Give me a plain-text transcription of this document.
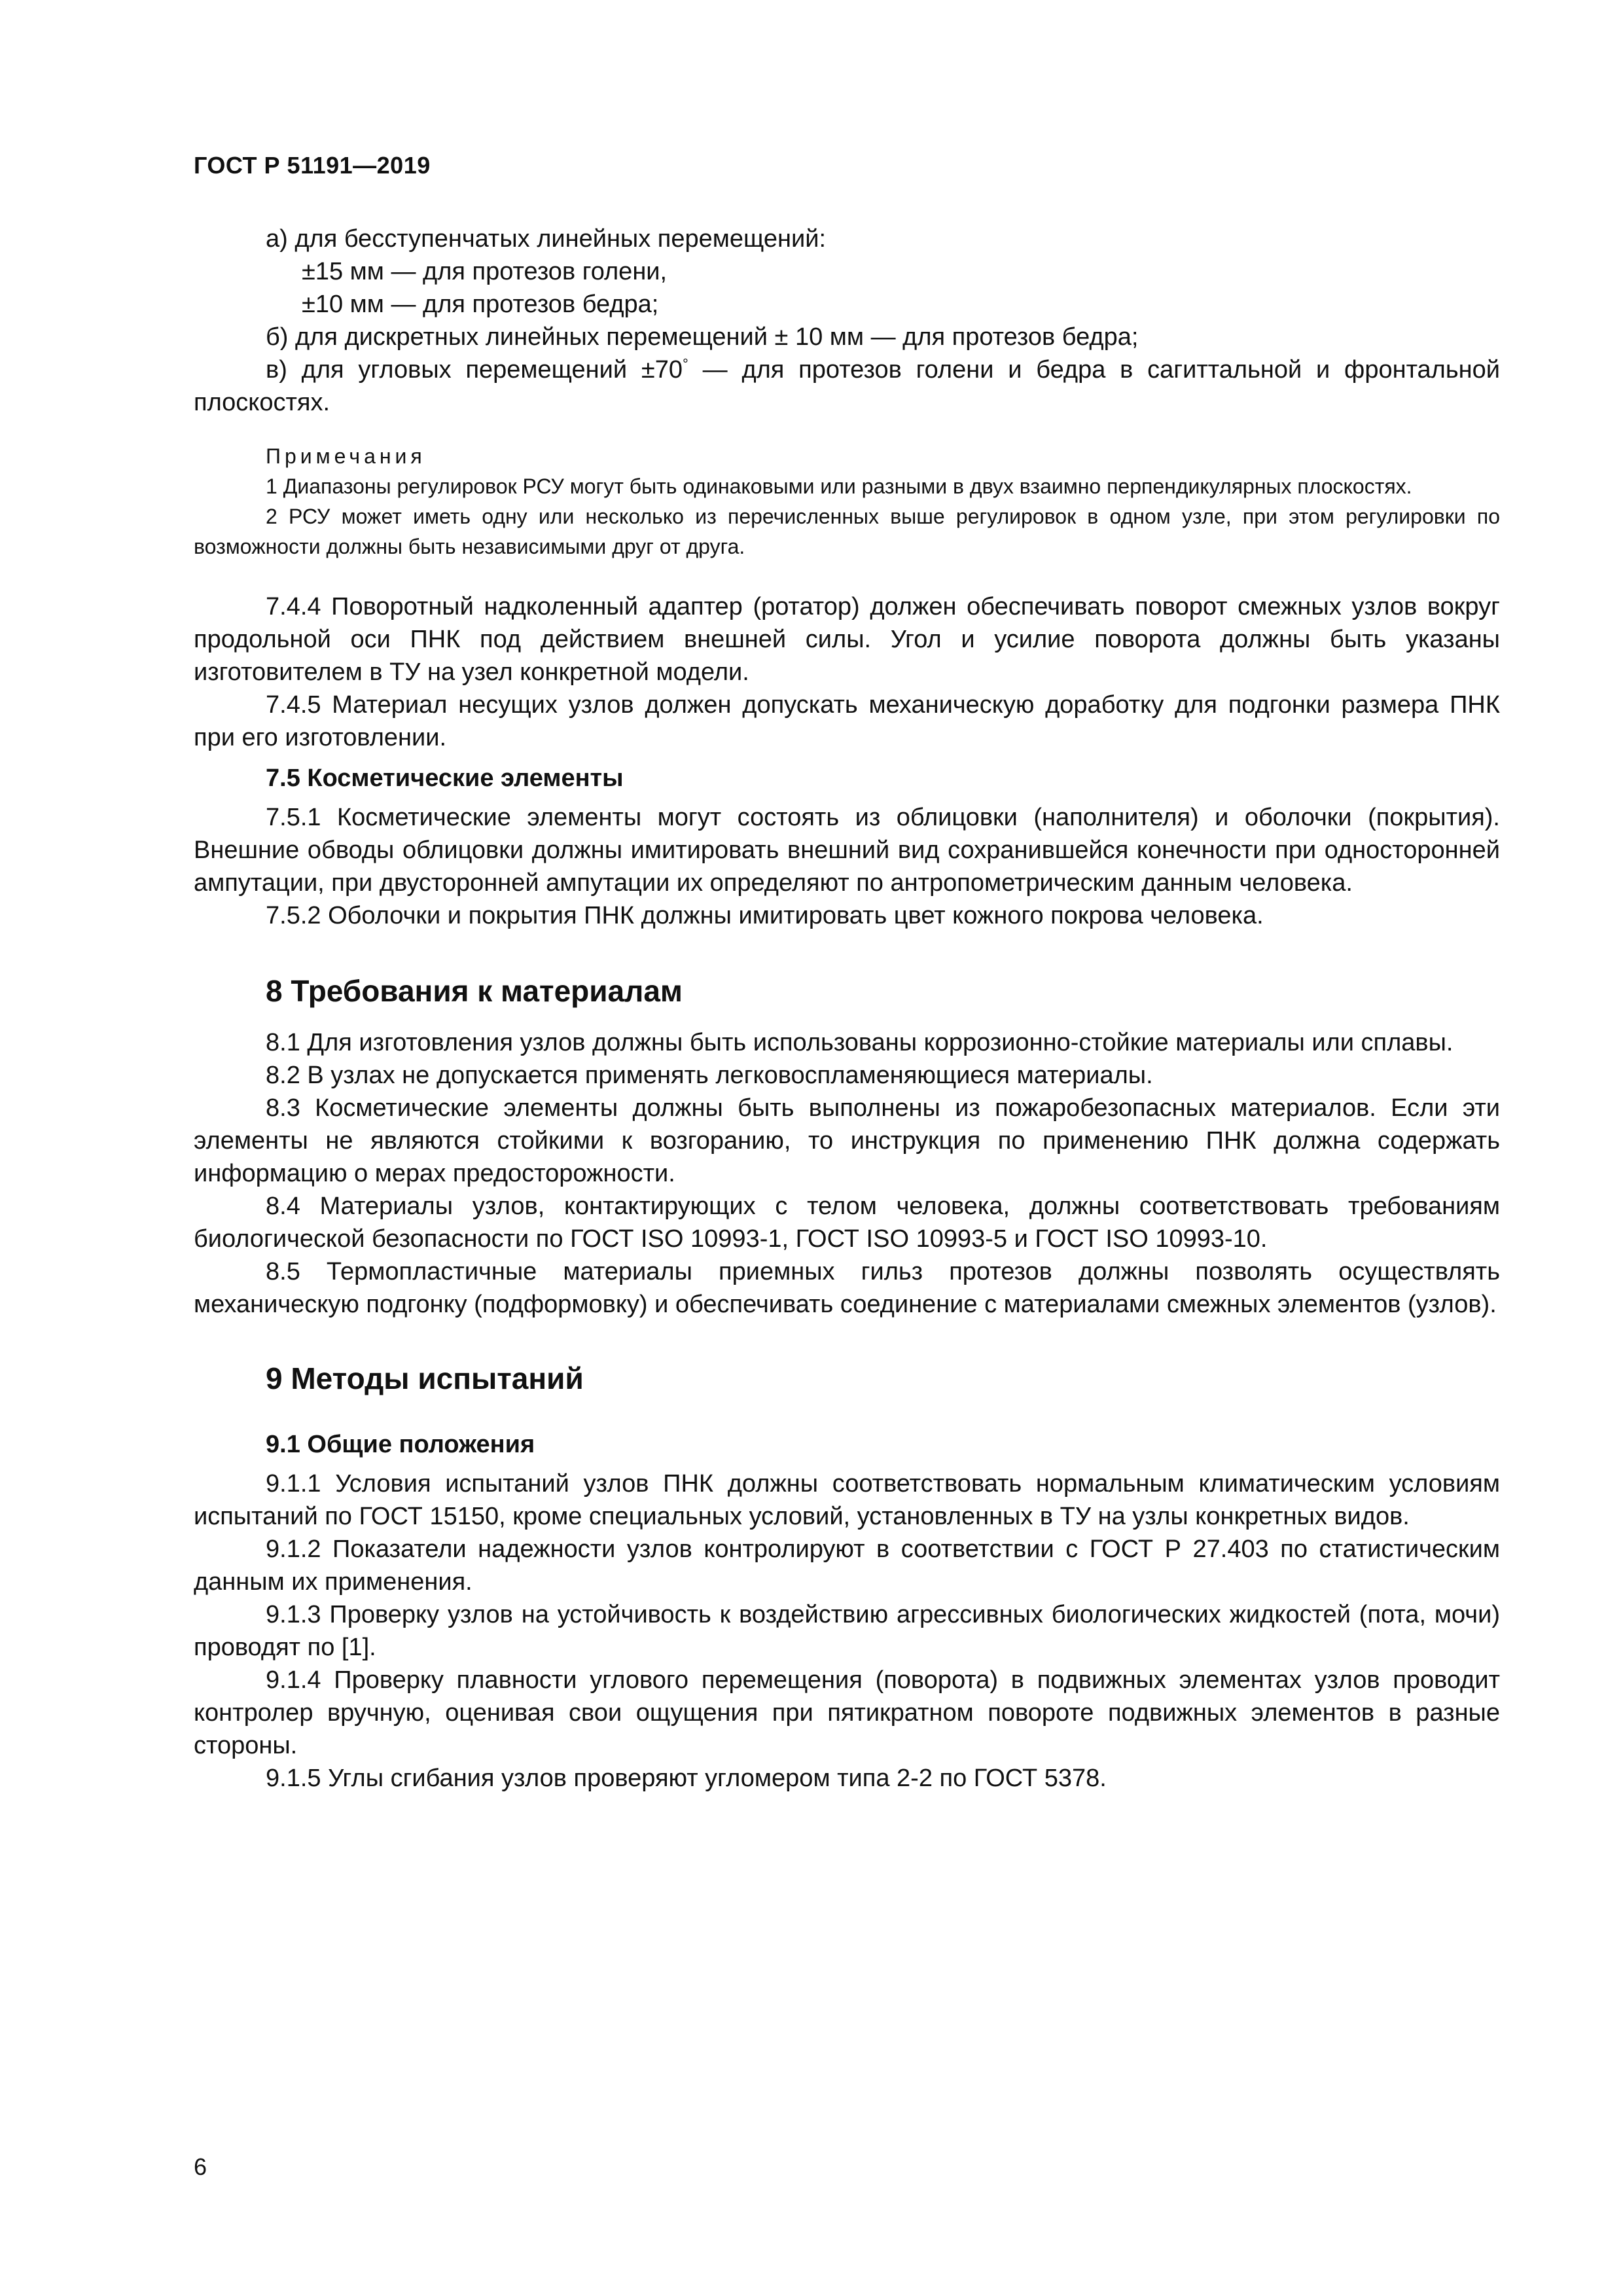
ГОСТ Р 51191—2019

а) для бесступенчатых линейных перемещений:

±15 мм — для протезов голени,

±10 мм — для протезов бедра;

б) для дискретных линейных перемещений ± 10 мм — для протезов бедра;

в) для угловых перемещений ±70° — для протезов голени и бедра в сагиттальной и фронтальной плоскостях.

Примечания

1 Диапазоны регулировок РСУ могут быть одинаковыми или разными в двух взаимно перпендикулярных плоскостях.

2 РСУ может иметь одну или несколько из перечисленных выше регулировок в одном узле, при этом регулировки по возможности должны быть независимыми друг от друга.

7.4.4 Поворотный надколенный адаптер (ротатор) должен обеспечивать поворот смежных узлов вокруг продольной оси ПНК под действием внешней силы. Угол и усилие поворота должны быть указаны изготовителем в ТУ на узел конкретной модели.

7.4.5 Материал несущих узлов должен допускать механическую доработку для подгонки размера ПНК при его изготовлении.

7.5 Косметические элементы

7.5.1 Косметические элементы могут состоять из облицовки (наполнителя) и оболочки (покрытия). Внешние обводы облицовки должны имитировать внешний вид сохранившейся конечности при односторонней ампутации, при двусторонней ампутации их определяют по антропометрическим данным человека.

7.5.2 Оболочки и покрытия ПНК должны имитировать цвет кожного покрова человека.

8 Требования к материалам

8.1 Для изготовления узлов должны быть использованы коррозионно-стойкие материалы или сплавы.

8.2 В узлах не допускается применять легковоспламеняющиеся материалы.

8.3 Косметические элементы должны быть выполнены из пожаробезопасных материалов. Если эти элементы не являются стойкими к возгоранию, то инструкция по применению ПНК должна содержать информацию о мерах предосторожности.

8.4 Материалы узлов, контактирующих с телом человека, должны соответствовать требованиям биологической безопасности по ГОСТ ISO 10993-1, ГОСТ ISO 10993-5 и ГОСТ ISO 10993-10.

8.5 Термопластичные материалы приемных гильз протезов должны позволять осуществлять механическую подгонку (подформовку) и обеспечивать соединение с материалами смежных элементов (узлов).

9 Методы испытаний

9.1 Общие положения

9.1.1 Условия испытаний узлов ПНК должны соответствовать нормальным климатическим условиям испытаний по ГОСТ 15150, кроме специальных условий, установленных в ТУ на узлы конкретных видов.

9.1.2 Показатели надежности узлов контролируют в соответствии с ГОСТ Р 27.403 по статистическим данным их применения.

9.1.3 Проверку узлов на устойчивость к воздействию агрессивных биологических жидкостей (пота, мочи) проводят по [1].

9.1.4 Проверку плавности углового перемещения (поворота) в подвижных элементах узлов проводит контролер вручную, оценивая свои ощущения при пятикратном повороте подвижных элементов в разные стороны.

9.1.5 Углы сгибания узлов проверяют угломером типа 2-2 по ГОСТ 5378.

6
